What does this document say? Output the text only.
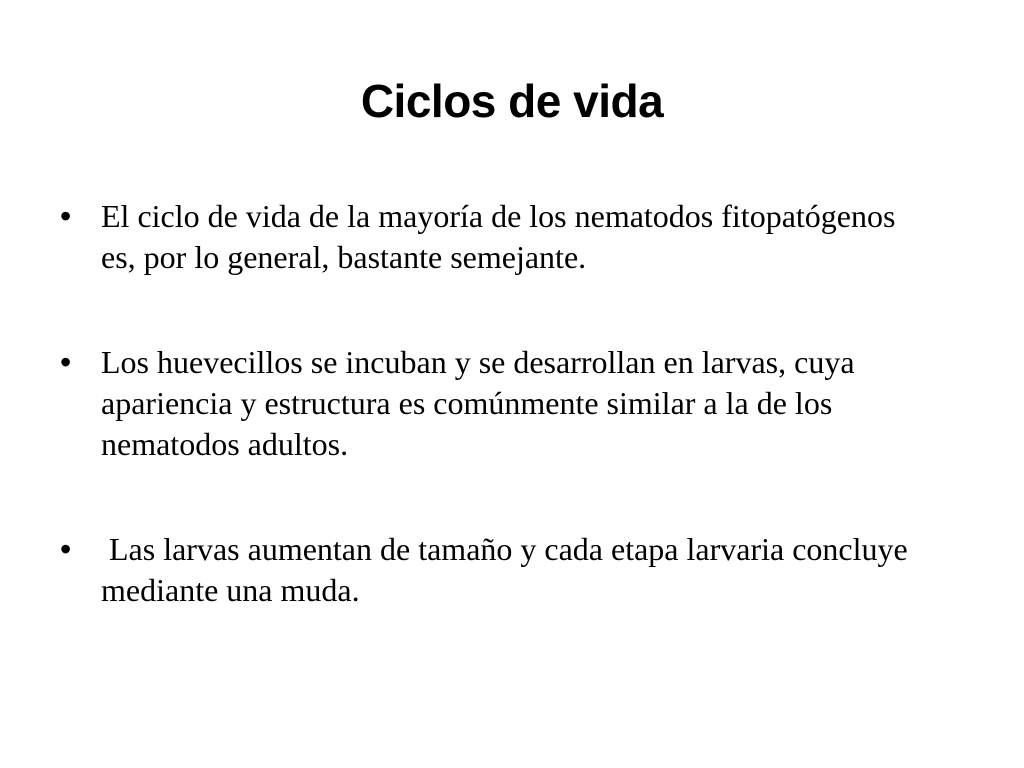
Ciclos de vida
• El ciclo de vida de la mayoría de los nematodos fitopatógenos es, por lo general, bastante semejante.
• Los huevecillos se incuban y se desarrollan en larvas, cuya apariencia y estructura es comúnmente similar a la de los nematodos adultos.
• Las larvas aumentan de tamaño y cada etapa larvaria concluye mediante una muda.
